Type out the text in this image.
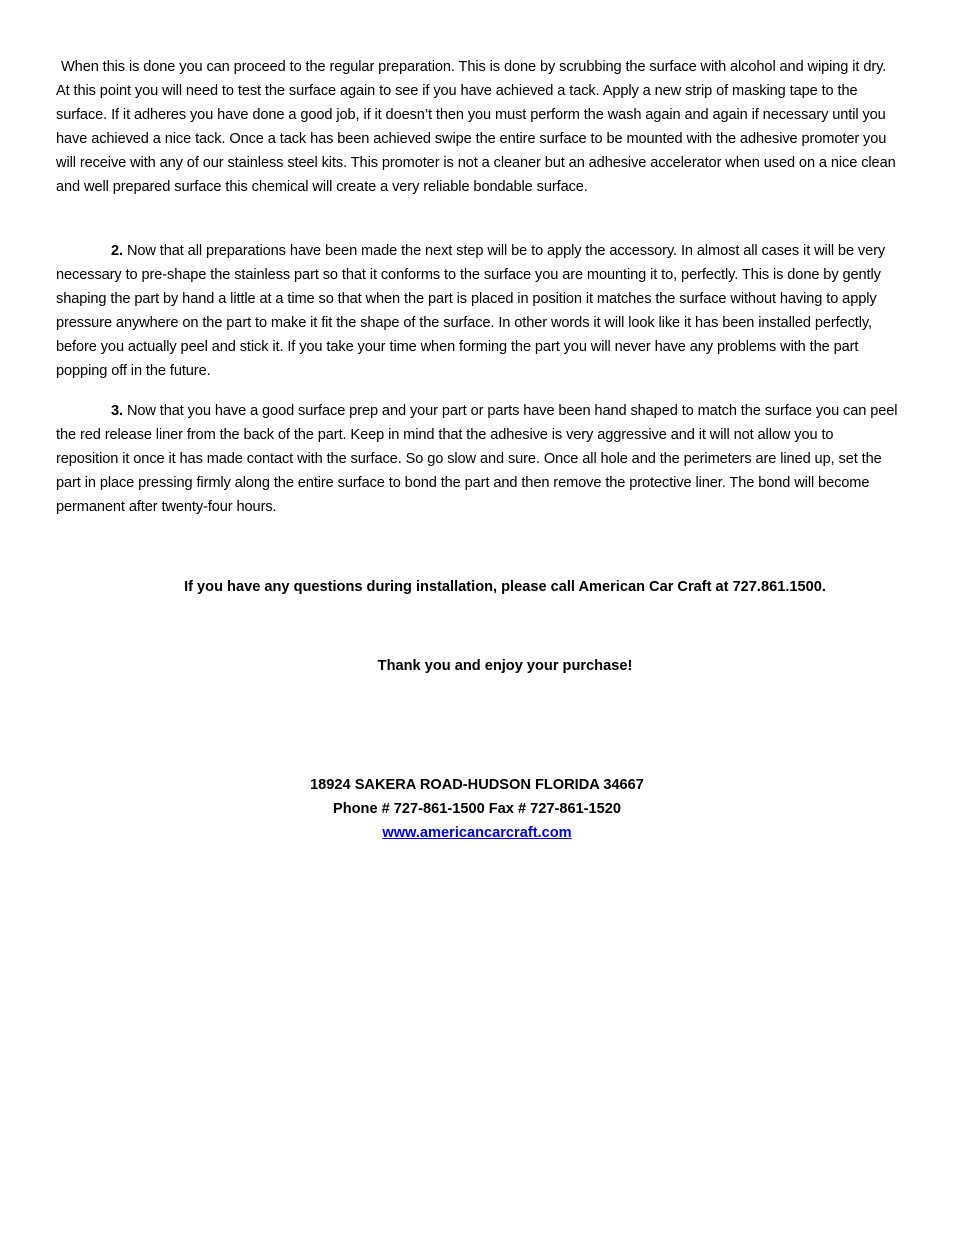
When this is done you can proceed to the regular preparation. This is done by scrubbing the surface with alcohol and wiping it dry. At this point you will need to test the surface again to see if you have achieved a tack. Apply a new strip of masking tape to the surface. If it adheres you have done a good job, if it doesn’t then you must perform the wash again and again if necessary until you have achieved a nice tack. Once a tack has been achieved swipe the entire surface to be mounted with the adhesive promoter you will receive with any of our stainless steel kits. This promoter is not a cleaner but an adhesive accelerator when used on a nice clean and well prepared surface this chemical will create a very reliable bondable surface.

2. Now that all preparations have been made the next step will be to apply the accessory. In almost all cases it will be very necessary to pre-shape the stainless part so that it conforms to the surface you are mounting it to, perfectly. This is done by gently shaping the part by hand a little at a time so that when the part is placed in position it matches the surface without having to apply pressure anywhere on the part to make it fit the shape of the surface. In other words it will look like it has been installed perfectly, before you actually peel and stick it. If you take your time when forming the part you will never have any problems with the part popping off in the future.

3. Now that you have a good surface prep and your part or parts have been hand shaped to match the surface you can peel the red release liner from the back of the part. Keep in mind that the adhesive is very aggressive and it will not allow you to reposition it once it has made contact with the surface. So go slow and sure. Once all hole and the perimeters are lined up, set the part in place pressing firmly along the entire surface to bond the part and then remove the protective liner. The bond will become permanent after twenty-four hours.

If you have any questions during installation, please call American Car Craft at 727.861.1500.

Thank you and enjoy your purchase!

18924 SAKERA ROAD-HUDSON FLORIDA 34667

Phone # 727-861-1500 Fax # 727-861-1520

www.americancarcraft.com
